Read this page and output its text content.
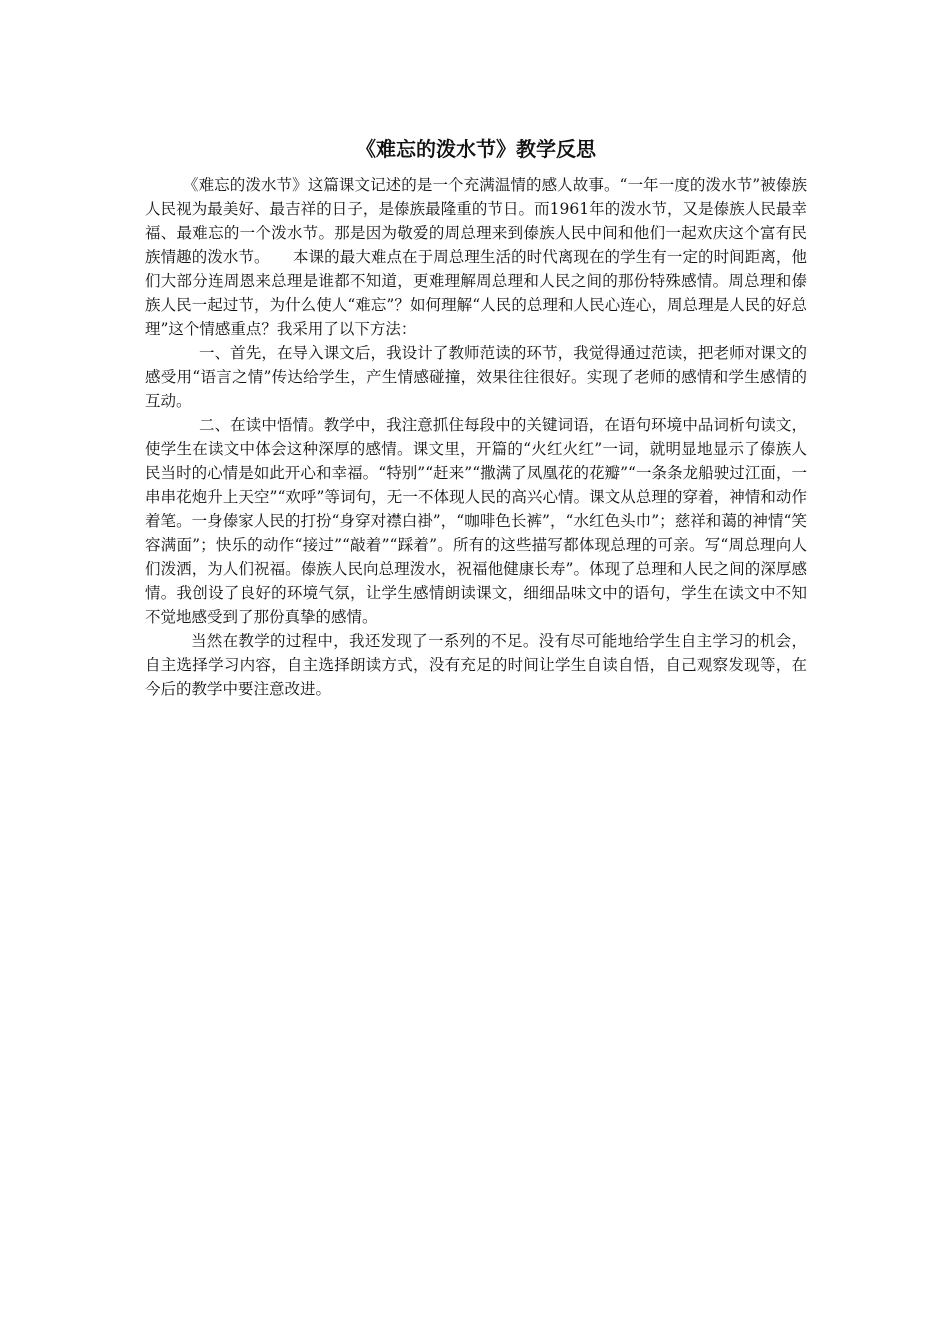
《难忘的泼水节》教学反思

《难忘的泼水节》这篇课文记述的是一个充满温情的感人故事。“一年一度的泼水节”被傣族人民视为最美好、最吉祥的日子，是傣族最隆重的节日。而1961年的泼水节，又是傣族人民最幸福、最难忘的一个泼水节。那是因为敬爱的周总理来到傣族人民中间和他们一起欢庆这个富有民族情趣的泼水节。　　本课的最大难点在于周总理生活的时代离现在的学生有一定的时间距离，他们大部分连周恩来总理是谁都不知道，更难理解周总理和人民之间的那份特殊感情。周总理和傣族人民一起过节，为什么使人“难忘”？如何理解“人民的总理和人民心连心，周总理是人民的好总理”这个情感重点？我采用了以下方法：

一、首先，在导入课文后，我设计了教师范读的环节，我觉得通过范读，把老师对课文的感受用“语言之情”传达给学生，产生情感碰撞，效果往往很好。实现了老师的感情和学生感情的互动。

二、在读中悟情。教学中，我注意抓住每段中的关键词语，在语句环境中品词析句读文，使学生在读文中体会这种深厚的感情。课文里，开篇的“火红火红”一词，就明显地显示了傣族人民当时的心情是如此开心和幸福。“特别”“赶来”“撒满了凤凰花的花瓣”“一条条龙船驶过江面，一串串花炮升上天空”“欢呼”等词句，无一不体现人民的高兴心情。课文从总理的穿着，神情和动作着笔。一身傣家人民的打扮“身穿对襟白褂”，“咖啡色长裤”，“水红色头巾”；慈祥和蔼的神情“笑容满面”；快乐的动作“接过”“敲着”“踩着”。所有的这些描写都体现总理的可亲。写“周总理向人们泼洒，为人们祝福。傣族人民向总理泼水，祝福他健康长寿”。体现了总理和人民之间的深厚感情。我创设了良好的环境气氛，让学生感情朗读课文，细细品味文中的语句，学生在读文中不知不觉地感受到了那份真挚的感情。

当然在教学的过程中，我还发现了一系列的不足。没有尽可能地给学生自主学习的机会，自主选择学习内容，自主选择朗读方式，没有充足的时间让学生自读自悟，自己观察发现等，在今后的教学中要注意改进。
